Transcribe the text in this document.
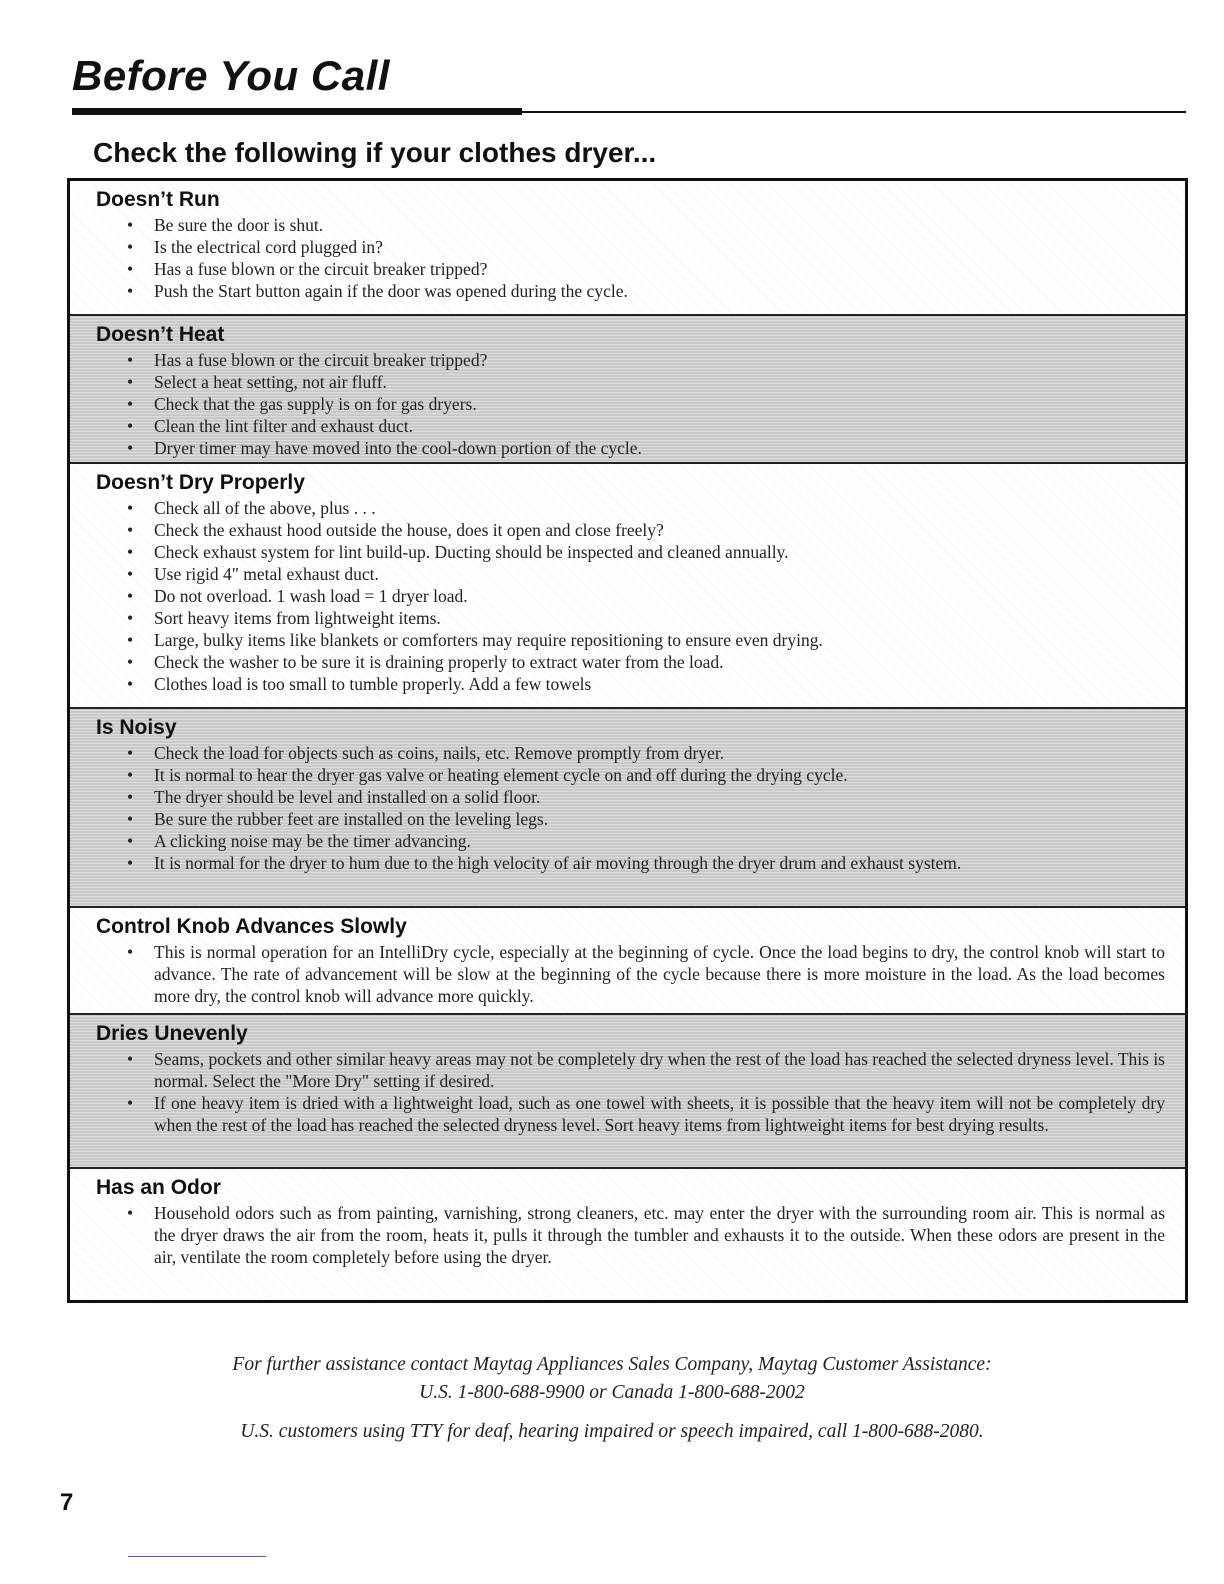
Before You Call
Check the following if your clothes dryer...
Doesn’t Run
• Be sure the door is shut.
• Is the electrical cord plugged in?
• Has a fuse blown or the circuit breaker tripped?
• Push the Start button again if the door was opened during the cycle.
Doesn’t Heat
• Has a fuse blown or the circuit breaker tripped?
• Select a heat setting, not air fluff.
• Check that the gas supply is on for gas dryers.
• Clean the lint filter and exhaust duct.
• Dryer timer may have moved into the cool-down portion of the cycle.
Doesn’t Dry Properly
• Check all of the above, plus . . .
• Check the exhaust hood outside the house, does it open and close freely?
• Check exhaust system for lint build-up. Ducting should be inspected and cleaned annually.
• Use rigid 4" metal exhaust duct.
• Do not overload. 1 wash load = 1 dryer load.
• Sort heavy items from lightweight items.
• Large, bulky items like blankets or comforters may require repositioning to ensure even drying.
• Check the washer to be sure it is draining properly to extract water from the load.
• Clothes load is too small to tumble properly. Add a few towels
Is Noisy
• Check the load for objects such as coins, nails, etc. Remove promptly from dryer.
• It is normal to hear the dryer gas valve or heating element cycle on and off during the drying cycle.
• The dryer should be level and installed on a solid floor.
• Be sure the rubber feet are installed on the leveling legs.
• A clicking noise may be the timer advancing.
• It is normal for the dryer to hum due to the high velocity of air moving through the dryer drum and exhaust system.
Control Knob Advances Slowly
• This is normal operation for an IntelliDry cycle, especially at the beginning of cycle. Once the load begins to dry, the control knob will start to advance. The rate of advancement will be slow at the beginning of the cycle because there is more moisture in the load. As the load becomes more dry, the control knob will advance more quickly.
Dries Unevenly
• Seams, pockets and other similar heavy areas may not be completely dry when the rest of the load has reached the selected dryness level. This is normal. Select the "More Dry" setting if desired.
• If one heavy item is dried with a lightweight load, such as one towel with sheets, it is possible that the heavy item will not be completely dry when the rest of the load has reached the selected dryness level. Sort heavy items from lightweight items for best drying results.
Has an Odor
• Household odors such as from painting, varnishing, strong cleaners, etc. may enter the dryer with the surrounding room air. This is normal as the dryer draws the air from the room, heats it, pulls it through the tumbler and exhausts it to the outside. When these odors are present in the air, ventilate the room completely before using the dryer.

For further assistance contact Maytag Appliances Sales Company, Maytag Customer Assistance:

U.S. 1-800-688-9900 or Canada 1-800-688-2002

U.S. customers using TTY for deaf, hearing impaired or speech impaired, call 1-800-688-2080.

7
